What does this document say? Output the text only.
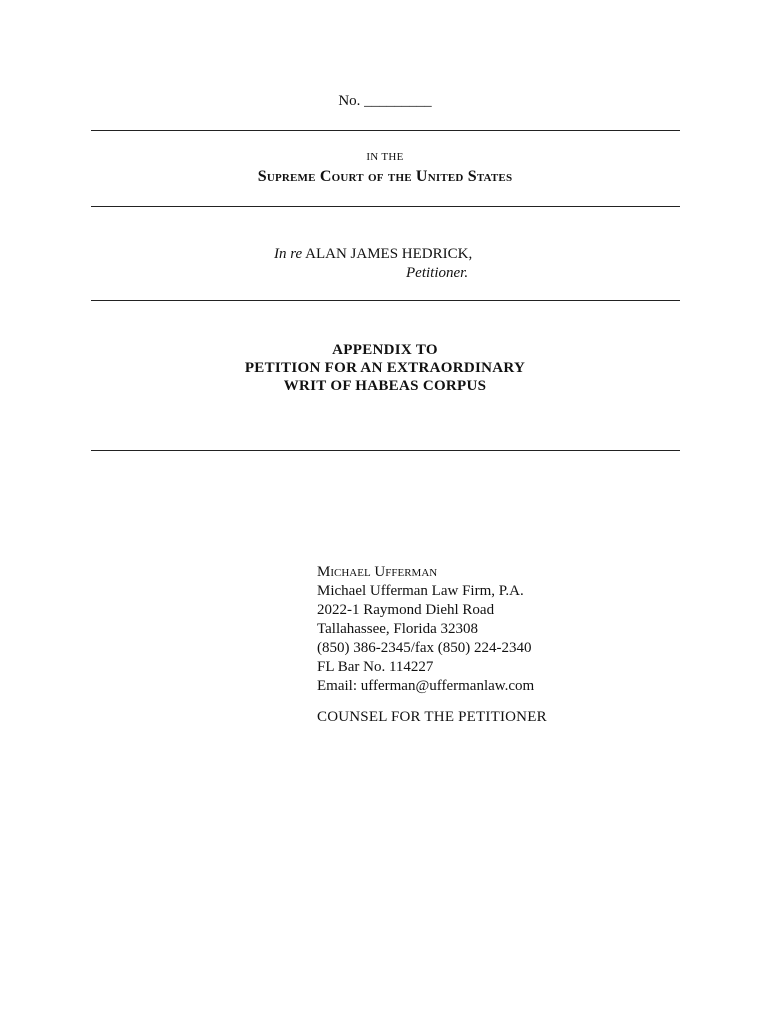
No. _________
IN THE
Supreme Court of the United States
In re ALAN JAMES HEDRICK,
Petitioner.
APPENDIX TO
PETITION FOR AN EXTRAORDINARY
WRIT OF HABEAS CORPUS
Michael Ufferman
Michael Ufferman Law Firm, P.A.
2022-1 Raymond Diehl Road
Tallahassee, Florida 32308
(850) 386-2345/fax (850) 224-2340
FL Bar No. 114227
Email: ufferman@uffermanlaw.com
COUNSEL FOR THE PETITIONER
